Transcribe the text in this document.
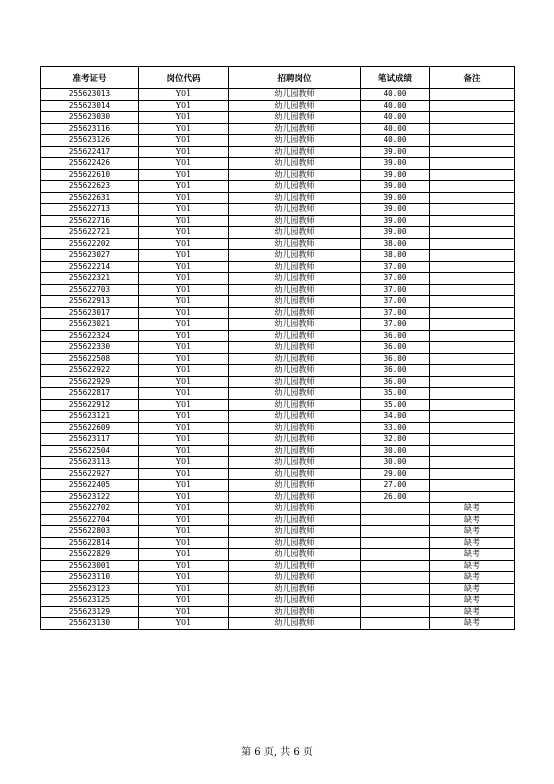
准考证号	岗位代码	招聘岗位	笔试成绩	备注
255623013	Y01	幼儿园教师	40.00	
255623014	Y01	幼儿园教师	40.00	
255623030	Y01	幼儿园教师	40.00	
255623116	Y01	幼儿园教师	40.00	
255623126	Y01	幼儿园教师	40.00	
255622417	Y01	幼儿园教师	39.00	
255622426	Y01	幼儿园教师	39.00	
255622610	Y01	幼儿园教师	39.00	
255622623	Y01	幼儿园教师	39.00	
255622631	Y01	幼儿园教师	39.00	
255622713	Y01	幼儿园教师	39.00	
255622716	Y01	幼儿园教师	39.00	
255622721	Y01	幼儿园教师	39.00	
255622202	Y01	幼儿园教师	38.00	
255623027	Y01	幼儿园教师	38.00	
255622214	Y01	幼儿园教师	37.00	
255622321	Y01	幼儿园教师	37.00	
255622703	Y01	幼儿园教师	37.00	
255622913	Y01	幼儿园教师	37.00	
255623017	Y01	幼儿园教师	37.00	
255623021	Y01	幼儿园教师	37.00	
255622324	Y01	幼儿园教师	36.00	
255622330	Y01	幼儿园教师	36.00	
255622508	Y01	幼儿园教师	36.00	
255622922	Y01	幼儿园教师	36.00	
255622929	Y01	幼儿园教师	36.00	
255622817	Y01	幼儿园教师	35.00	
255622912	Y01	幼儿园教师	35.00	
255623121	Y01	幼儿园教师	34.00	
255622609	Y01	幼儿园教师	33.00	
255623117	Y01	幼儿园教师	32.00	
255622504	Y01	幼儿园教师	30.00	
255623113	Y01	幼儿园教师	30.00	
255622927	Y01	幼儿园教师	29.00	
255622405	Y01	幼儿园教师	27.00	
255623122	Y01	幼儿园教师	26.00	
255622702	Y01	幼儿园教师		缺考
255622704	Y01	幼儿园教师		缺考
255622803	Y01	幼儿园教师		缺考
255622814	Y01	幼儿园教师		缺考
255622829	Y01	幼儿园教师		缺考
255623001	Y01	幼儿园教师		缺考
255623110	Y01	幼儿园教师		缺考
255623123	Y01	幼儿园教师		缺考
255623125	Y01	幼儿园教师		缺考
255623129	Y01	幼儿园教师		缺考
255623130	Y01	幼儿园教师		缺考
第 6 页, 共 6 页
